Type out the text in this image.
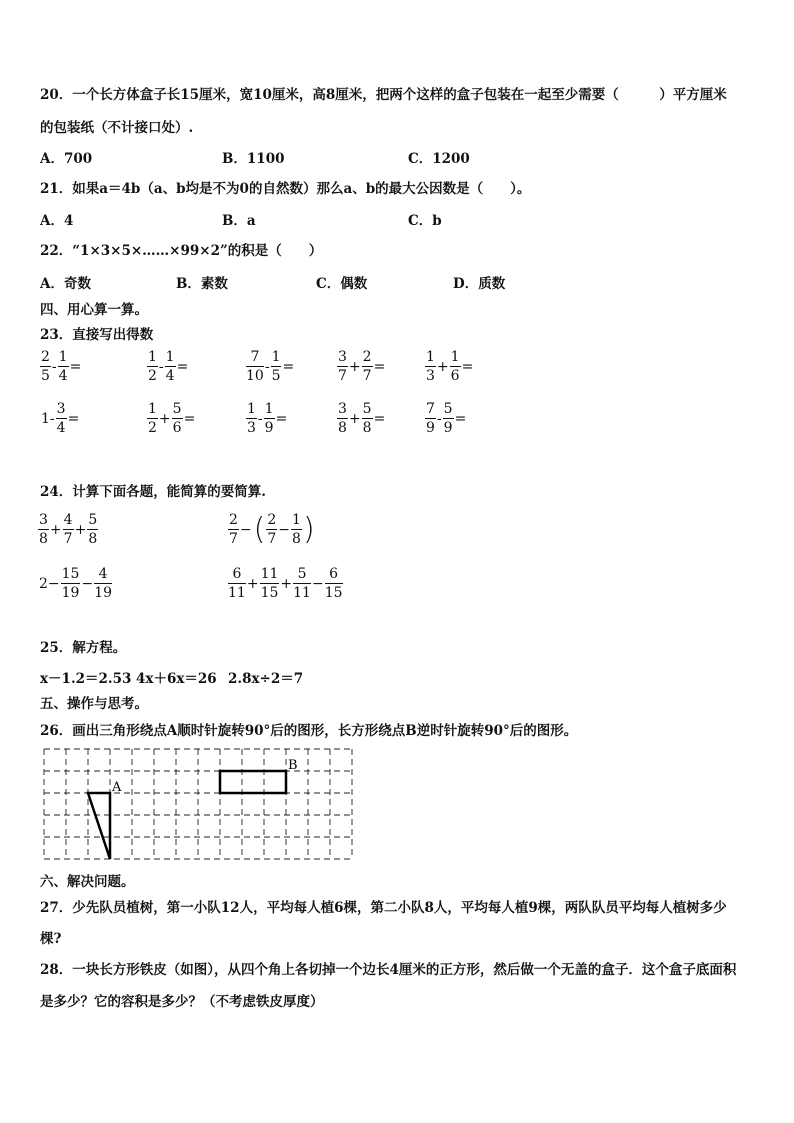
20．一个长方体盒子长15厘米，宽10厘米，高8厘米，把两个这样的盒子包装在一起至少需要（　　　）平方厘米
的包装纸（不计接口处）.
A．700	B．1100	C．1200
21．如果a＝4b（a、b均是不为0的自然数）那么a、b的最大公因数是（　　）。
A．4	B．a	C．b
22．“1×3×5×……×99×2”的积是（　　）
A．奇数	B．素数	C．偶数	D．质数
四、用心算一算。
23．直接写出得数
$\frac{2}{5} - \frac{1}{4}$ =	$\frac{1}{2} - \frac{1}{4}$ =	$\frac{7}{10} - \frac{1}{5}$ =	$\frac{3}{7} + \frac{2}{7}$ =	$\frac{1}{3} + \frac{1}{6}$ =
$1- \frac{3}{4}$ =	$\frac{1}{2} + \frac{5}{6}$ =	$\frac{1}{3} - \frac{1}{9}$ =	$\frac{3}{8} + \frac{5}{8}$ =	$\frac{7}{9} - \frac{5}{9}$ =
24．计算下面各题，能简算的要简算.
$\frac{3}{8} + \frac{4}{7} + \frac{5}{8}$	$\frac{2}{7}$ − ( $\frac{2}{7} - \frac{1}{8}$ )
$2- \frac{15}{19} - \frac{4}{19}$	$\frac{6}{11} + \frac{11}{15} + \frac{5}{11} - \frac{6}{15}$
25．解方程。
x－1.2＝2.53 4x＋6x＝26 2.8x÷2＝7
五、操作与思考。
26．画出三角形绕点A顺时针旋转90°后的图形，长方形绕点B逆时针旋转90°后的图形。
A
B
六、解决问题。
27．少先队员植树，第一小队12人，平均每人植6棵，第二小队8人，平均每人植9棵，两队队员平均每人植树多少
棵?
28．一块长方形铁皮（如图），从四个角上各切掉一个边长4厘米的正方形，然后做一个无盖的盒子．这个盒子底面积
是多少？它的容积是多少？（不考虑铁皮厚度）
